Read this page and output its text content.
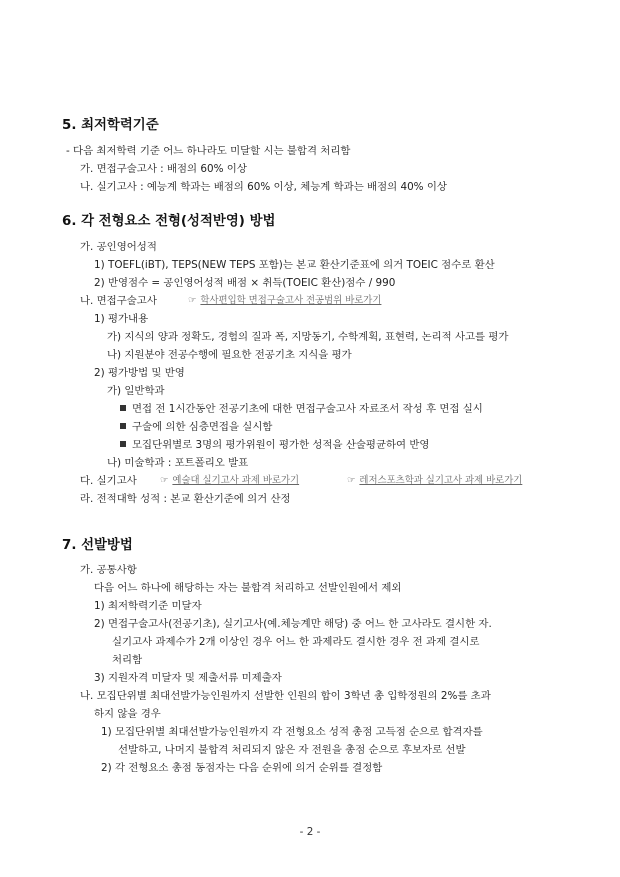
5. 최저학력기준
- 다음 최저학력 기준 어느 하나라도 미달할 시는 불합격 처리함
가. 면접구술고사 : 배점의 60% 이상
나. 실기고사 : 예능계 학과는 배점의 60% 이상, 체능계 학과는 배점의 40% 이상
6. 각 전형요소 전형(성적반영) 방법
가. 공인영어성적
1) TOEFL(iBT), TEPS(NEW TEPS 포함)는 본교 환산기준표에 의거 TOEIC 점수로 환산
2) 반영점수 = 공인영어성적 배점 × 취득(TOEIC 환산)점수 / 990
나. 면접구술고사	☞ 학사편입학 면접구술고사 전공범위 바로가기
1) 평가내용
가) 지식의 양과 정확도, 경험의 질과 폭, 지망동기, 수학계획, 표현력, 논리적 사고를 평가
나) 지원분야 전공수행에 필요한 전공기초 지식을 평가
2) 평가방법 및 반영
가) 일반학과
면접 전 1시간동안 전공기초에 대한 면접구술고사 자료조서 작성 후 면접 실시
구술에 의한 심층면접을 실시함
모집단위별로 3명의 평가위원이 평가한 성적을 산술평균하여 반영
나) 미술학과 : 포트폴리오 발표
다. 실기고사 ☞ 예술대 실기고사 과제 바로가기	☞ 레저스포츠학과 실기고사 과제 바로가기
라. 전적대학 성적 : 본교 환산기준에 의거 산정
7. 선발방법
가. 공통사항
다음 어느 하나에 해당하는 자는 불합격 처리하고 선발인원에서 제외
1) 최저학력기준 미달자
2) 면접구술고사(전공기초), 실기고사(예.체능계만 해당) 중 어느 한 고사라도 결시한 자.
실기고사 과제수가 2개 이상인 경우 어느 한 과제라도 결시한 경우 전 과제 결시로
처리함
3) 지원자격 미달자 및 제출서류 미제출자
나. 모집단위별 최대선발가능인원까지 선발한 인원의 합이 3학년 총 입학정원의 2%를 초과
하지 않을 경우
1) 모집단위별 최대선발가능인원까지 각 전형요소 성적 총점 고득점 순으로 합격자를
선발하고, 나머지 불합격 처리되지 않은 자 전원을 총점 순으로 후보자로 선발
2) 각 전형요소 총점 동점자는 다음 순위에 의거 순위를 결정함
- 2 -
